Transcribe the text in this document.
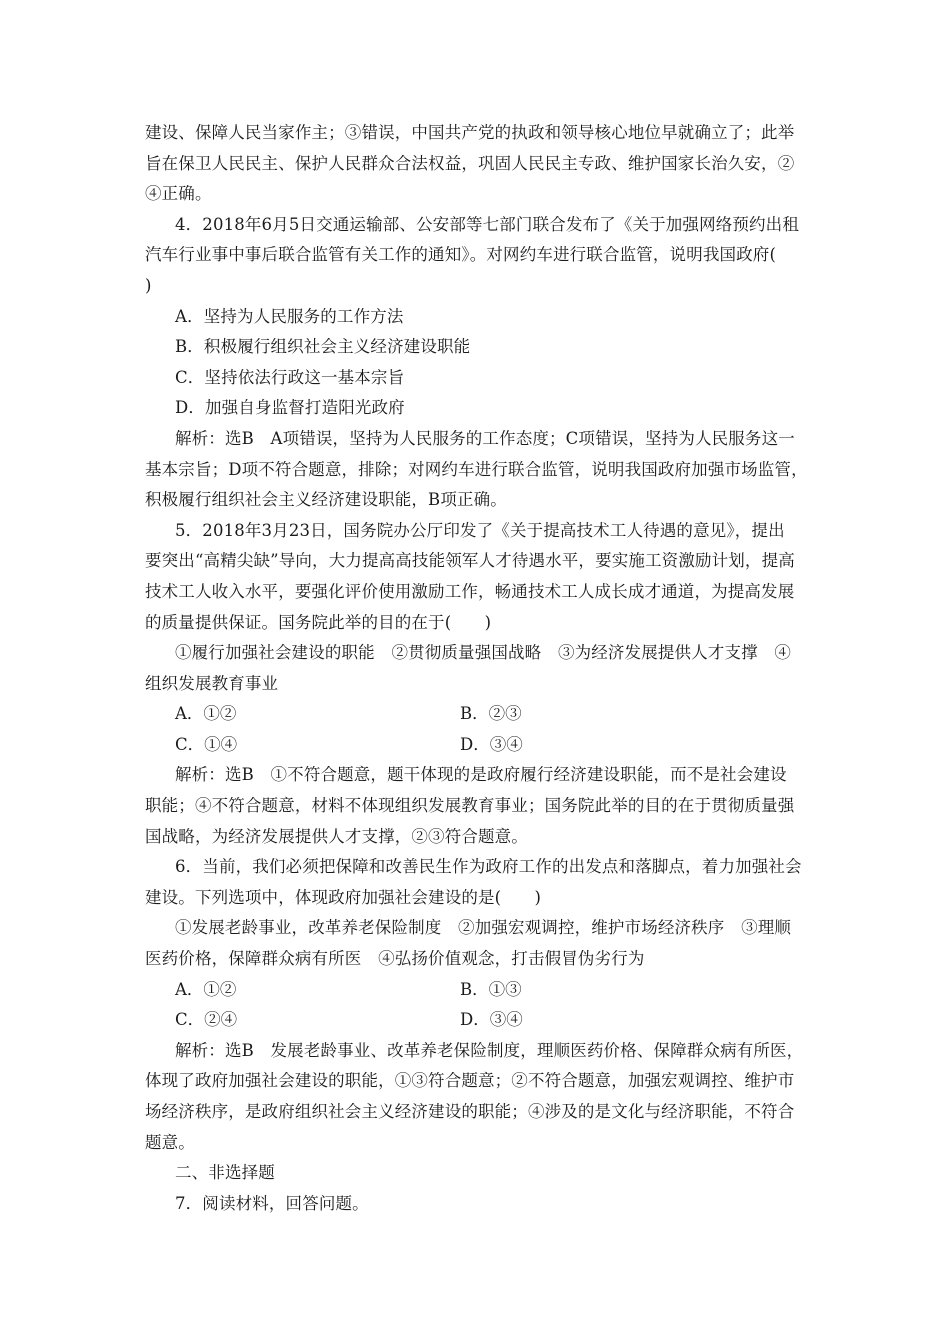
建设、保障人民当家作主；③错误，中国共产党的执政和领导核心地位早就确立了；此举
旨在保卫人民民主、保护人民群众合法权益，巩固人民民主专政、维护国家长治久安，②
④正确。
4．2018年6月5日交通运输部、公安部等七部门联合发布了《关于加强网络预约出租
汽车行业事中事后联合监管有关工作的通知》。对网约车进行联合监管，说明我国政府(
)
A．坚持为人民服务的工作方法
B．积极履行组织社会主义经济建设职能
C．坚持依法行政这一基本宗旨
D．加强自身监督打造阳光政府
解析：选B　A项错误，坚持为人民服务的工作态度；C项错误，坚持为人民服务这一
基本宗旨；D项不符合题意，排除；对网约车进行联合监管，说明我国政府加强市场监管，
积极履行组织社会主义经济建设职能，B项正确。
5．2018年3月23日，国务院办公厅印发了《关于提高技术工人待遇的意见》，提出
要突出“高精尖缺”导向，大力提高高技能领军人才待遇水平，要实施工资激励计划，提高
技术工人收入水平，要强化评价使用激励工作，畅通技术工人成长成才通道，为提高发展
的质量提供保证。国务院此举的目的在于(　　)
①履行加强社会建设的职能　②贯彻质量强国战略　③为经济发展提供人才支撑　④
组织发展教育事业
A．①②	B．②③
C．①④	D．③④
解析：选B　①不符合题意，题干体现的是政府履行经济建设职能，而不是社会建设
职能；④不符合题意，材料不体现组织发展教育事业；国务院此举的目的在于贯彻质量强
国战略，为经济发展提供人才支撑，②③符合题意。
6．当前，我们必须把保障和改善民生作为政府工作的出发点和落脚点，着力加强社会
建设。下列选项中，体现政府加强社会建设的是(　　)
①发展老龄事业，改革养老保险制度　②加强宏观调控，维护市场经济秩序　③理顺
医药价格，保障群众病有所医　④弘扬价值观念，打击假冒伪劣行为
A．①②	B．①③
C．②④	D．③④
解析：选B　发展老龄事业、改革养老保险制度，理顺医药价格、保障群众病有所医，
体现了政府加强社会建设的职能，①③符合题意；②不符合题意，加强宏观调控、维护市
场经济秩序，是政府组织社会主义经济建设的职能；④涉及的是文化与经济职能，不符合
题意。
二、非选择题
7．阅读材料，回答问题。
